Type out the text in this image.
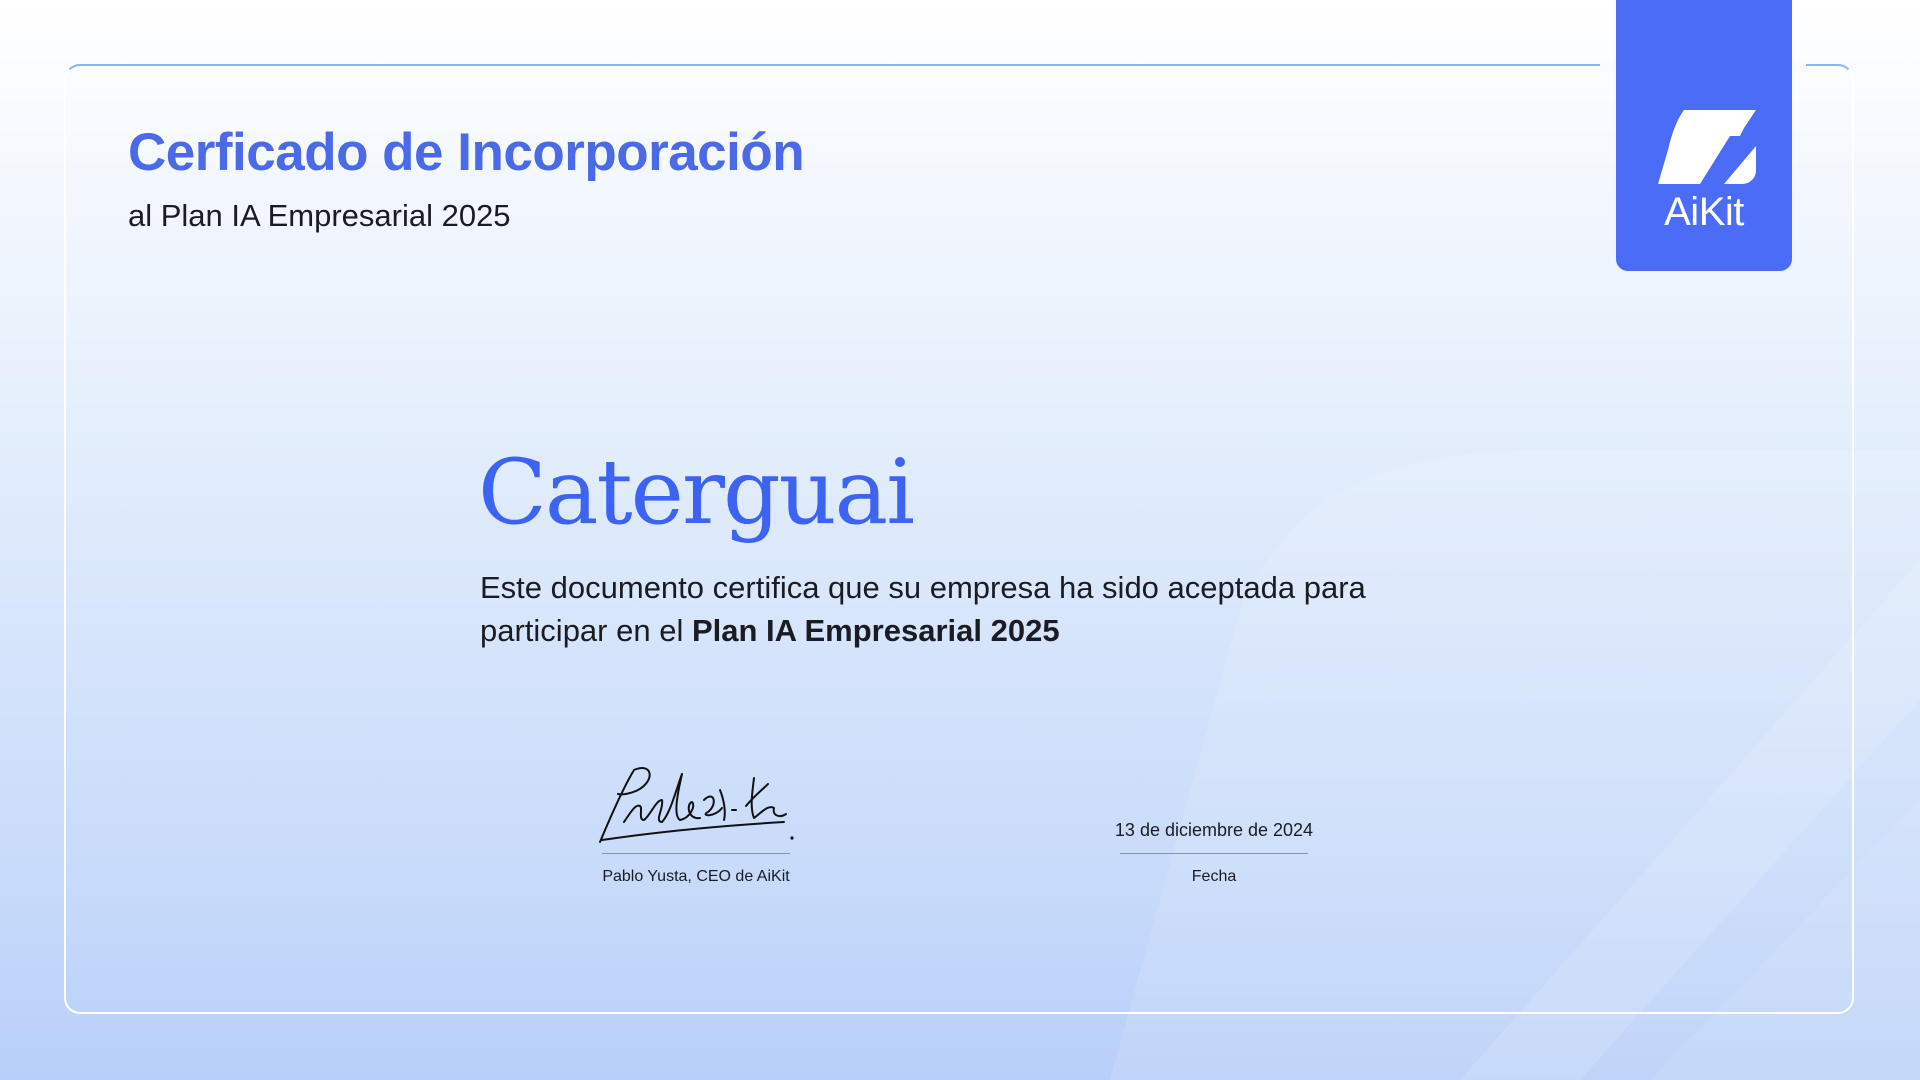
AiKit
Cerficado de Incorporación
al Plan IA Empresarial 2025
Caterguai
Este documento certifica que su empresa ha sido aceptada para participar en el Plan IA Empresarial 2025
Pablo Yusta, CEO de AiKit
13 de diciembre de 2024
Fecha
